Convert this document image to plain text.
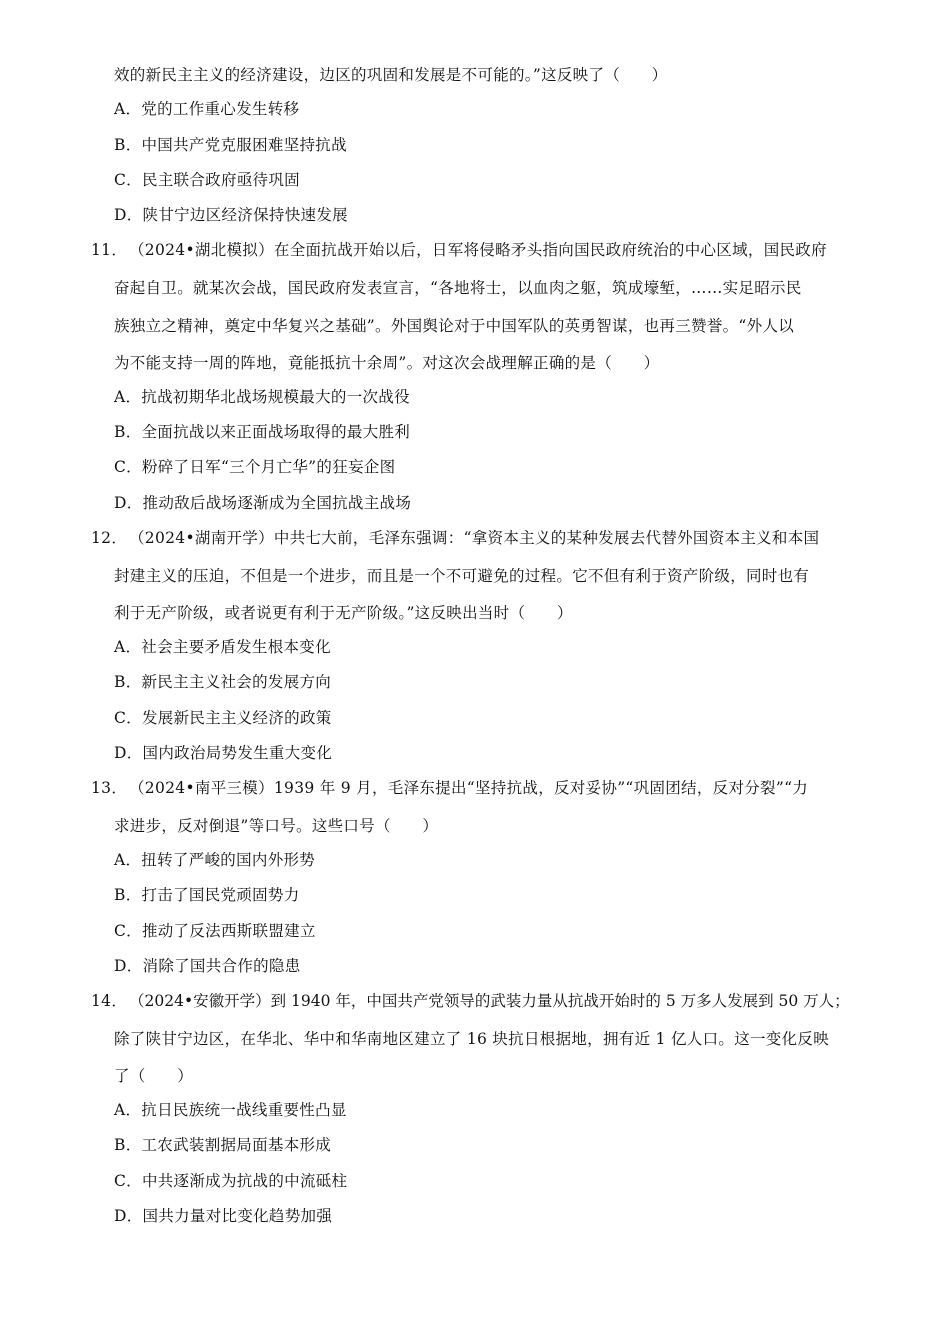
效的新民主主义的经济建设，边区的巩固和发展是不可能的。”这反映了（　　）
A．党的工作重心发生转移
B．中国共产党克服困难坚持抗战
C．民主联合政府亟待巩固
D．陕甘宁边区经济保持快速发展
11． （2024•湖北模拟）在全面抗战开始以后，日军将侵略矛头指向国民政府统治的中心区域，国民政府
奋起自卫。就某次会战，国民政府发表宣言，“各地将士，以血肉之躯，筑成壕堑，……实足昭示民
族独立之精神，奠定中华复兴之基础”。外国舆论对于中国军队的英勇智谋，也再三赞誉。“外人以
为不能支持一周的阵地，竟能抵抗十余周”。对这次会战理解正确的是（　　）
A．抗战初期华北战场规模最大的一次战役
B．全面抗战以来正面战场取得的最大胜利
C．粉碎了日军“三个月亡华”的狂妄企图
D．推动敌后战场逐渐成为全国抗战主战场
12． （2024•湖南开学）中共七大前，毛泽东强调：“拿资本主义的某种发展去代替外国资本主义和本国
封建主义的压迫，不但是一个进步，而且是一个不可避免的过程。它不但有利于资产阶级，同时也有
利于无产阶级，或者说更有利于无产阶级。”这反映出当时（　　）
A．社会主要矛盾发生根本变化
B．新民主主义社会的发展方向
C．发展新民主主义经济的政策
D．国内政治局势发生重大变化
13． （2024•南平三模）1939 年 9 月，毛泽东提出“坚持抗战，反对妥协”“巩固团结，反对分裂”“力
求进步，反对倒退”等口号。这些口号（　　）
A．扭转了严峻的国内外形势
B．打击了国民党顽固势力
C．推动了反法西斯联盟建立
D．消除了国共合作的隐患
14． （2024•安徽开学）到 1940 年，中国共产党领导的武装力量从抗战开始时的 5 万多人发展到 50 万人；
除了陕甘宁边区，在华北、华中和华南地区建立了 16 块抗日根据地，拥有近 1 亿人口。这一变化反映
了（　　）
A．抗日民族统一战线重要性凸显
B．工农武装割据局面基本形成
C．中共逐渐成为抗战的中流砥柱
D．国共力量对比变化趋势加强
